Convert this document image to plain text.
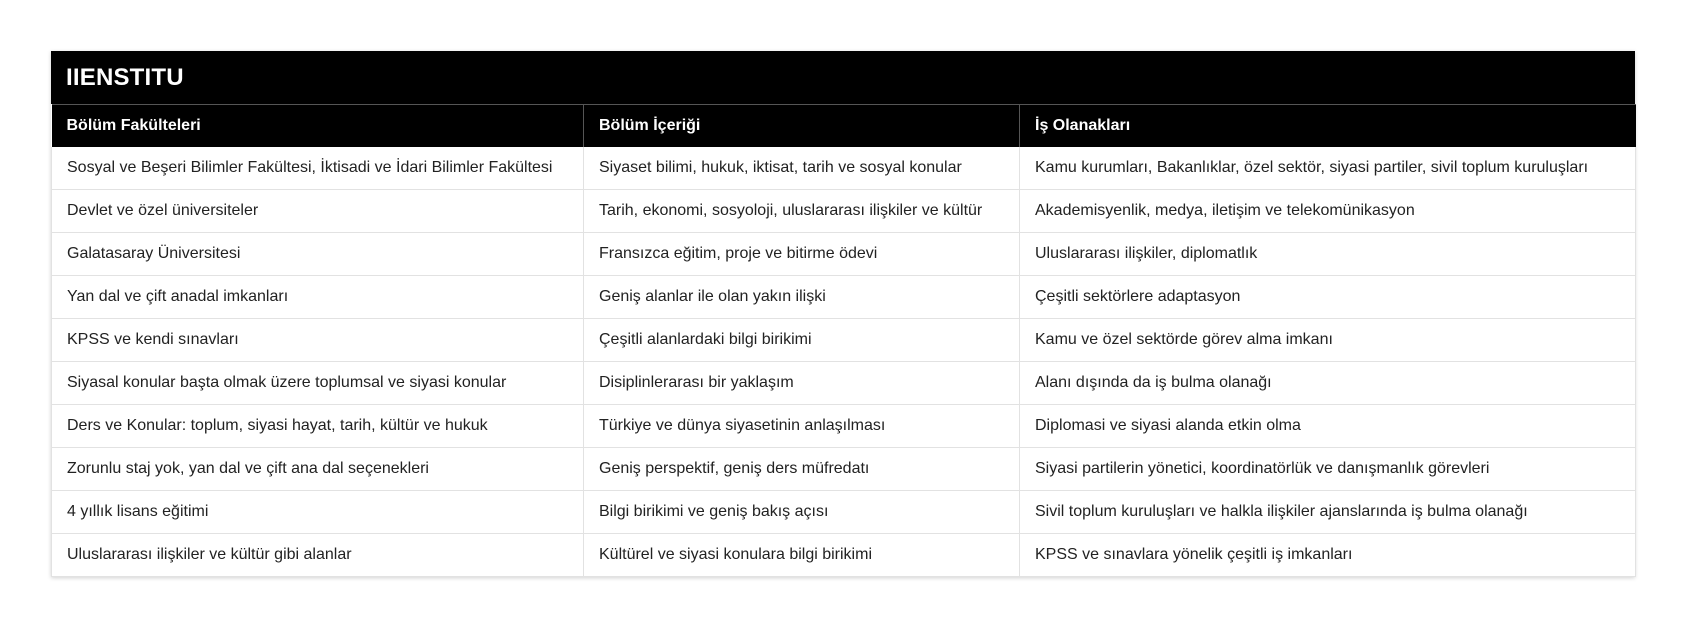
IIENSTITU
Bölüm Fakülteleri	Bölüm İçeriği	İş Olanakları
Sosyal ve Beşeri Bilimler Fakültesi, İktisadi ve İdari Bilimler Fakültesi	Siyaset bilimi, hukuk, iktisat, tarih ve sosyal konular	Kamu kurumları, Bakanlıklar, özel sektör, siyasi partiler, sivil toplum kuruluşları
Devlet ve özel üniversiteler	Tarih, ekonomi, sosyoloji, uluslararası ilişkiler ve kültür	Akademisyenlik, medya, iletişim ve telekomünikasyon
Galatasaray Üniversitesi	Fransızca eğitim, proje ve bitirme ödevi	Uluslararası ilişkiler, diplomatlık
Yan dal ve çift anadal imkanları	Geniş alanlar ile olan yakın ilişki	Çeşitli sektörlere adaptasyon
KPSS ve kendi sınavları	Çeşitli alanlardaki bilgi birikimi	Kamu ve özel sektörde görev alma imkanı
Siyasal konular başta olmak üzere toplumsal ve siyasi konular	Disiplinlerarası bir yaklaşım	Alanı dışında da iş bulma olanağı
Ders ve Konular: toplum, siyasi hayat, tarih, kültür ve hukuk	Türkiye ve dünya siyasetinin anlaşılması	Diplomasi ve siyasi alanda etkin olma
Zorunlu staj yok, yan dal ve çift ana dal seçenekleri	Geniş perspektif, geniş ders müfredatı	Siyasi partilerin yönetici, koordinatörlük ve danışmanlık görevleri
4 yıllık lisans eğitimi	Bilgi birikimi ve geniş bakış açısı	Sivil toplum kuruluşları ve halkla ilişkiler ajanslarında iş bulma olanağı
Uluslararası ilişkiler ve kültür gibi alanlar	Kültürel ve siyasi konulara bilgi birikimi	KPSS ve sınavlara yönelik çeşitli iş imkanları
